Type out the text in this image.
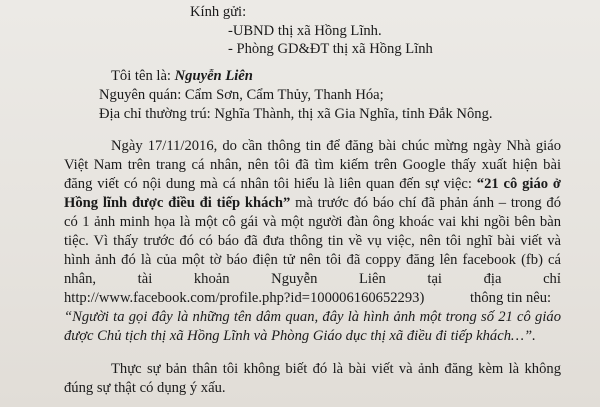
Kính gửi:
-UBND thị xã Hồng Lĩnh.
- Phòng GD&ĐT thị xã Hồng Lĩnh
Tôi tên là: Nguyễn Liên
Nguyên quán: Cẩm Sơn, Cẩm Thủy, Thanh Hóa;
Địa chỉ thường trú: Nghĩa Thành, thị xã Gia Nghĩa, tỉnh Đắk Nông.
Ngày 17/11/2016, do cần thông tin để đăng bài chúc mừng ngày Nhà giáo
Việt Nam trên trang cá nhân, nên tôi đã tìm kiếm trên Google thấy xuất hiện bài
đăng viết có nội dung mà cá nhân tôi hiểu là liên quan đến sự việc: “21 cô giáo ở
Hồng lĩnh được điều đi tiếp khách” mà trước đó báo chí đã phản ánh – trong đó
có 1 ảnh minh họa là một cô gái và một người đàn ông khoác vai khi ngồi bên bàn
tiệc. Vì thấy trước đó có báo đã đưa thông tin về vụ việc, nên tôi nghĩ bài viết và
hình ảnh đó là của một tờ báo điện tử nên tôi đã coppy đăng lên facebook (fb) cá
nhân,	tài	khoản	Nguyễn	Liên	tại	địa	chỉ
http://www.facebook.com/profile.php?id=100006160652293)	thông tin nêu:
“Người ta gọi đây là những tên dâm quan, đây là hình ảnh một trong số 21 cô giáo
được Chủ tịch thị xã Hồng Lĩnh và Phòng Giáo dục thị xã điều đi tiếp khách…”.
Thực sự bản thân tôi không biết đó là bài viết và ảnh đăng kèm là không
đúng sự thật có dụng ý xấu.
